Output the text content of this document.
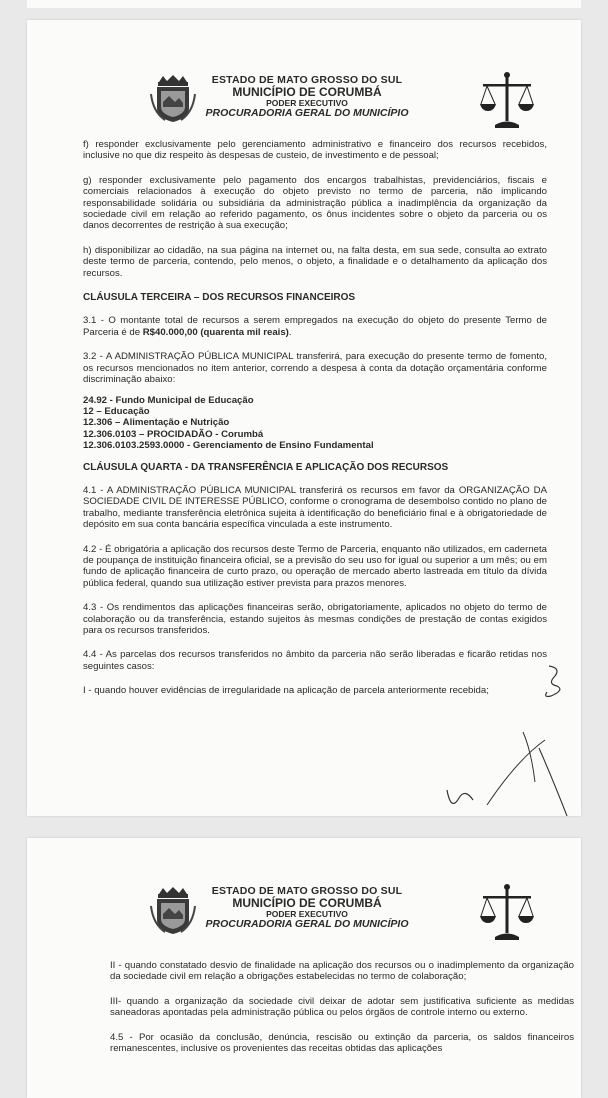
ESTADO DE MATO GROSSO DO SUL
MUNICÍPIO DE CORUMBÁ
PODER EXECUTIVO
PROCURADORIA GERAL DO MUNICÍPIO

f) responder exclusivamente pelo gerenciamento administrativo e financeiro dos recursos recebidos, inclusive no que diz respeito às despesas de custeio, de investimento e de pessoal;

g) responder exclusivamente pelo pagamento dos encargos trabalhistas, previdenciários, fiscais e comerciais relacionados à execução do objeto previsto no termo de parceria, não implicando responsabilidade solidária ou subsidiária da administração pública a inadimplência da organização da sociedade civil em relação ao referido pagamento, os ônus incidentes sobre o objeto da parceria ou os danos decorrentes de restrição à sua execução;

h) disponibilizar ao cidadão, na sua página na internet ou, na falta desta, em sua sede, consulta ao extrato deste termo de parceria, contendo, pelo menos, o objeto, a finalidade e o detalhamento da aplicação dos recursos.

CLÁUSULA TERCEIRA – DOS RECURSOS FINANCEIROS

3.1 - O montante total de recursos a serem empregados na execução do objeto do presente Termo de Parceria é de R$40.000,00 (quarenta mil reais).

3.2 - A ADMINISTRAÇÃO PÚBLICA MUNICIPAL transferirá, para execução do presente termo de fomento, os recursos mencionados no item anterior, correndo a despesa à conta da dotação orçamentária conforme discriminação abaixo:

24.92 - Fundo Municipal de Educação

12 – Educação

12.306 – Alimentação e Nutrição

12.306.0103 – PROCIDADÃO - Corumbá

12.306.0103.2593.0000 - Gerenciamento de Ensino Fundamental

CLÁUSULA QUARTA - DA TRANSFERÊNCIA E APLICAÇÃO DOS RECURSOS

4.1 - A ADMINISTRAÇÃO PÚBLICA MUNICIPAL transferirá os recursos em favor da ORGANIZAÇÃO DA SOCIEDADE CIVIL DE INTERESSE PÚBLICO, conforme o cronograma de desembolso contido no plano de trabalho, mediante transferência eletrônica sujeita à identificação do beneficiário final e à obrigatoriedade de depósito em sua conta bancária específica vinculada a este instrumento.

4.2 - É obrigatória a aplicação dos recursos deste Termo de Parceria, enquanto não utilizados, em caderneta de poupança de instituição financeira oficial, se a previsão do seu uso for igual ou superior a um mês; ou em fundo de aplicação financeira de curto prazo, ou operação de mercado aberto lastreada em título da dívida pública federal, quando sua utilização estiver prevista para prazos menores.

4.3 - Os rendimentos das aplicações financeiras serão, obrigatoriamente, aplicados no objeto do termo de colaboração ou da transferência, estando sujeitos às mesmas condições de prestação de contas exigidos para os recursos transferidos.

4.4 - As parcelas dos recursos transferidos no âmbito da parceria não serão liberadas e ficarão retidas nos seguintes casos:

I - quando houver evidências de irregularidade na aplicação de parcela anteriormente recebida;

ESTADO DE MATO GROSSO DO SUL
MUNICÍPIO DE CORUMBÁ
PODER EXECUTIVO
PROCURADORIA GERAL DO MUNICÍPIO

II - quando constatado desvio de finalidade na aplicação dos recursos ou o inadimplemento da organização da sociedade civil em relação a obrigações estabelecidas no termo de colaboração;

III- quando a organização da sociedade civil deixar de adotar sem justificativa suficiente as medidas saneadoras apontadas pela administração pública ou pelos órgãos de controle interno ou externo.

4.5 - Por ocasião da conclusão, denúncia, rescisão ou extinção da parceria, os saldos financeiros remanescentes, inclusive os provenientes das receitas obtidas das aplicações
